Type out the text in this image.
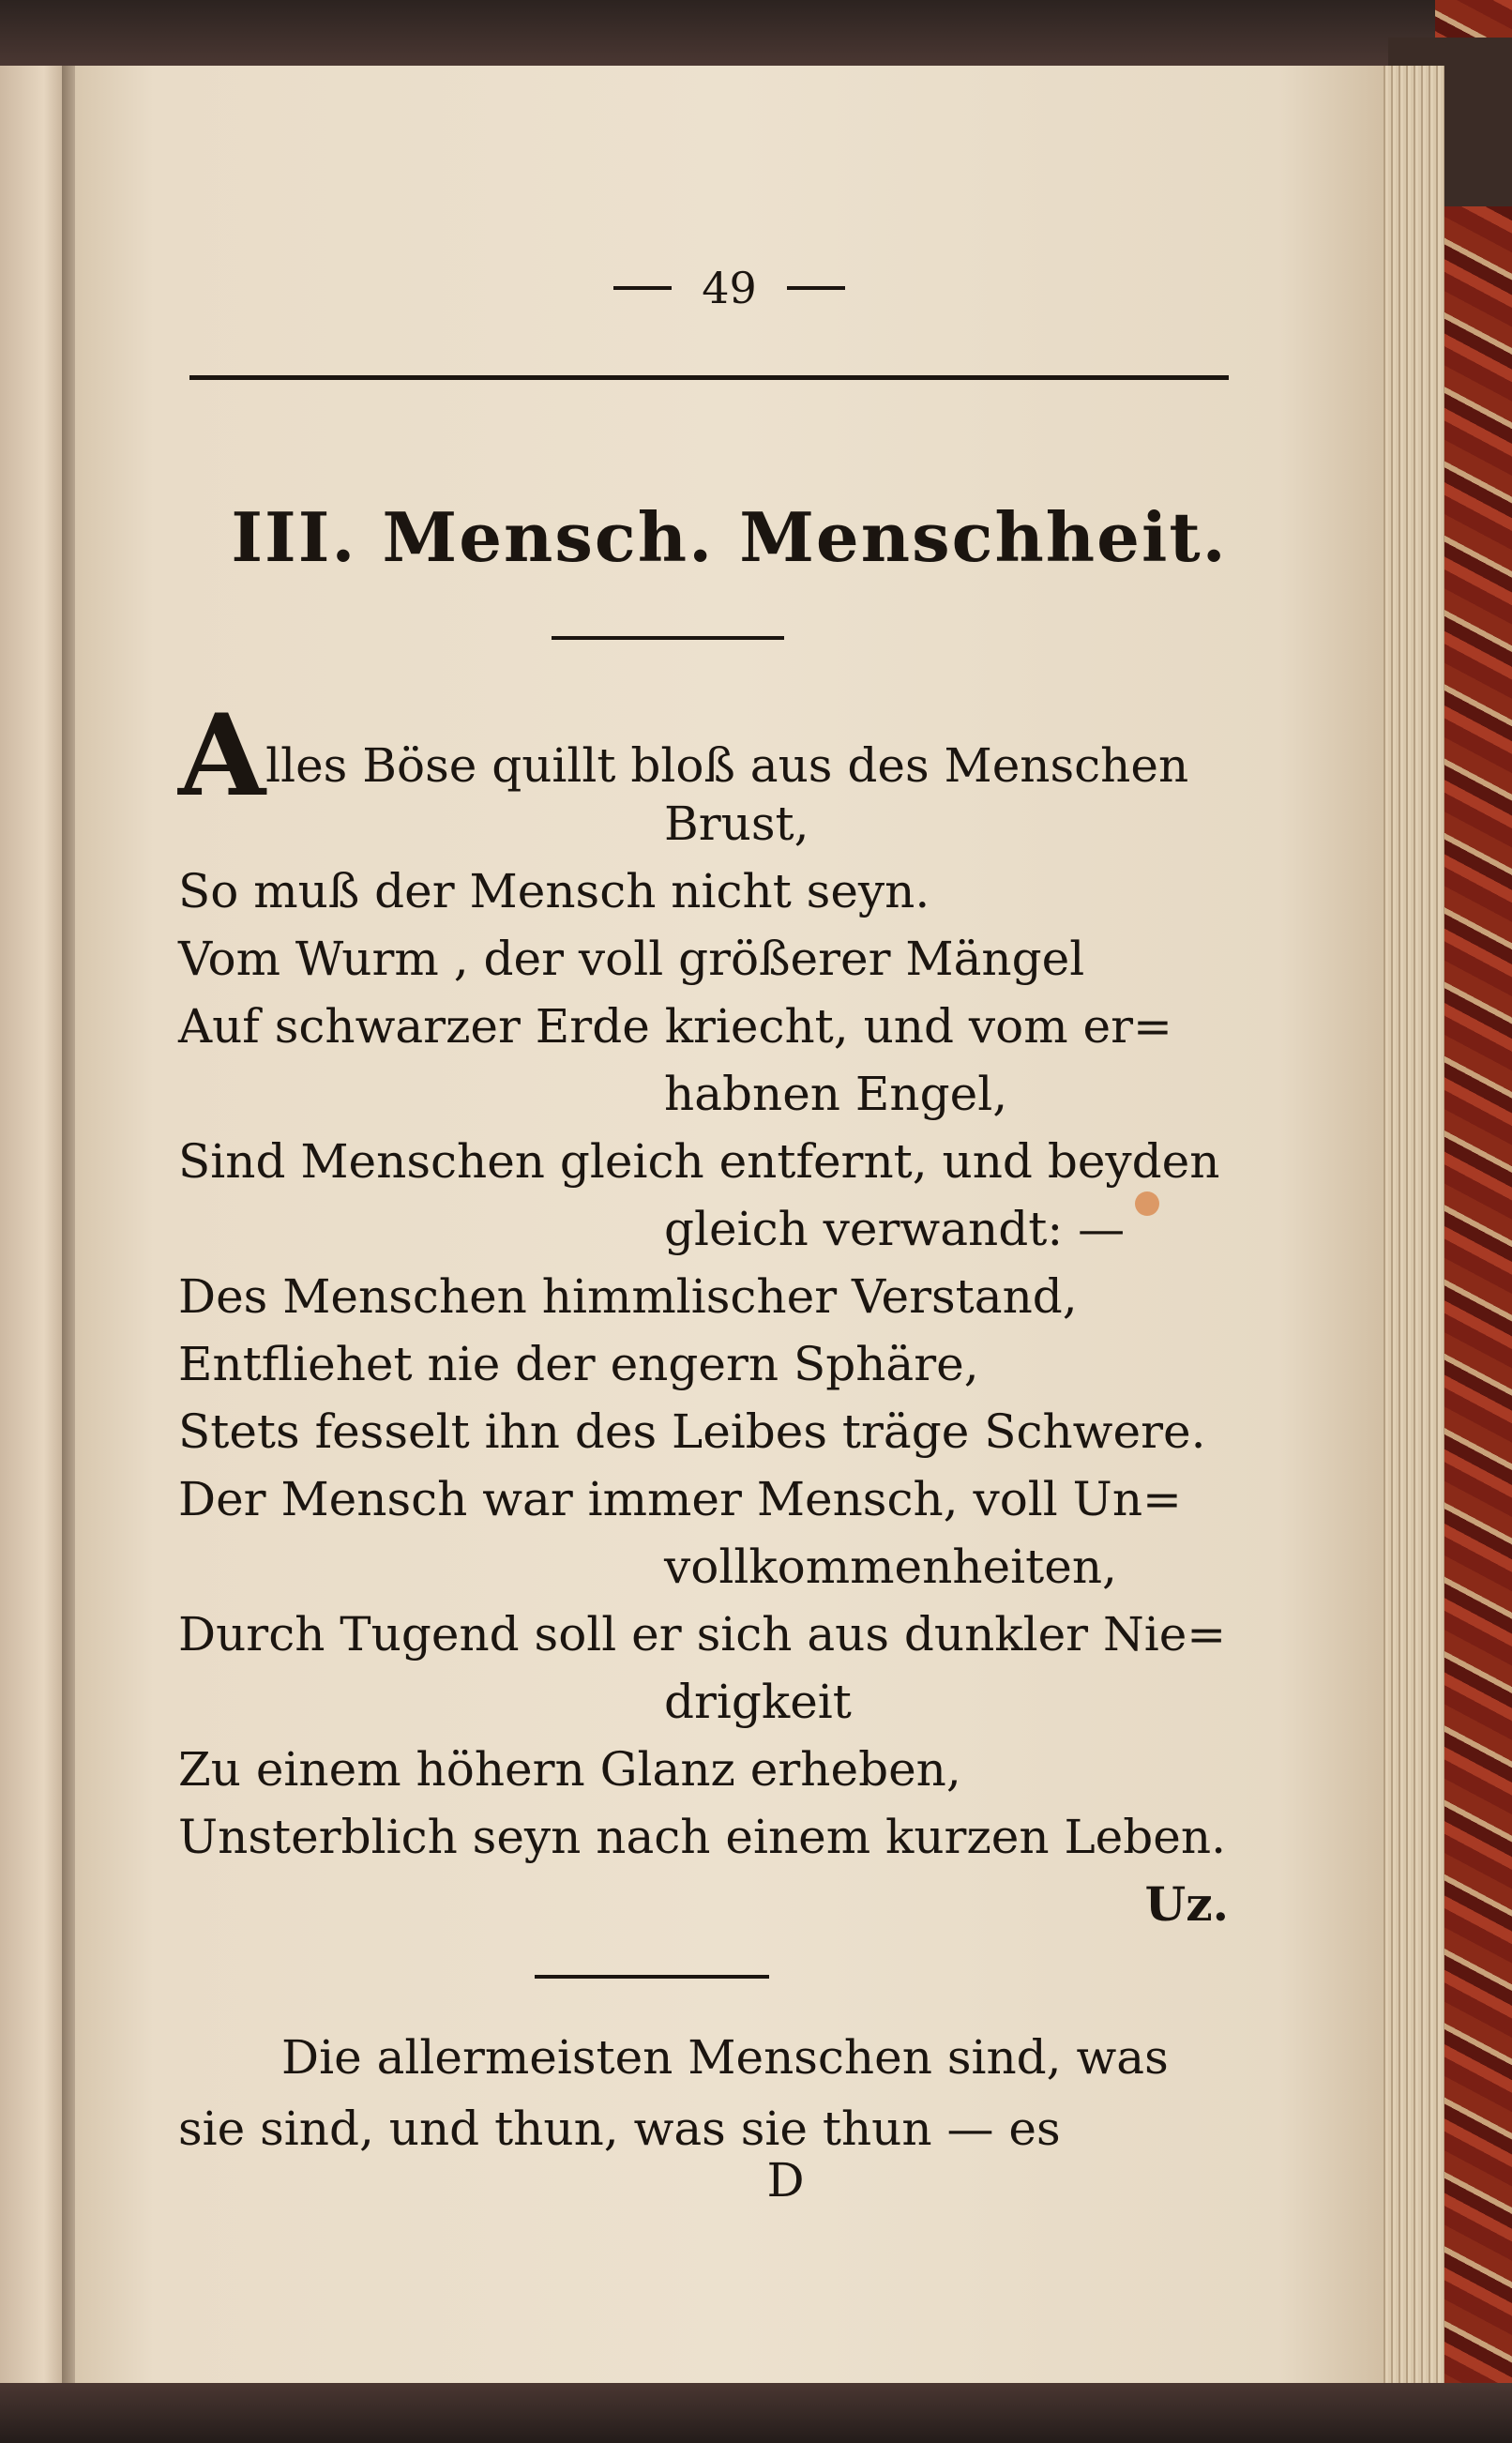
49
III. Mensch. Menschheit.
Alles Böse quillt bloß aus des Menschen
Brust,
So muß der Mensch nicht seyn.
Vom Wurm , der voll größerer Mängel
Auf schwarzer Erde kriecht, und vom er=
habnen Engel,
Sind Menschen gleich entfernt, und beyden
gleich verwandt: —
Des Menschen himmlischer Verstand,
Entfliehet nie der engern Sphäre,
Stets fesselt ihn des Leibes träge Schwere.
Der Mensch war immer Mensch, voll Un=
vollkommenheiten,
Durch Tugend soll er sich aus dunkler Nie=
drigkeit
Zu einem höhern Glanz erheben,
Unsterblich seyn nach einem kurzen Leben.
Uz.
Die allermeisten Menschen sind, was
sie sind, und thun, was sie thun — es
D
